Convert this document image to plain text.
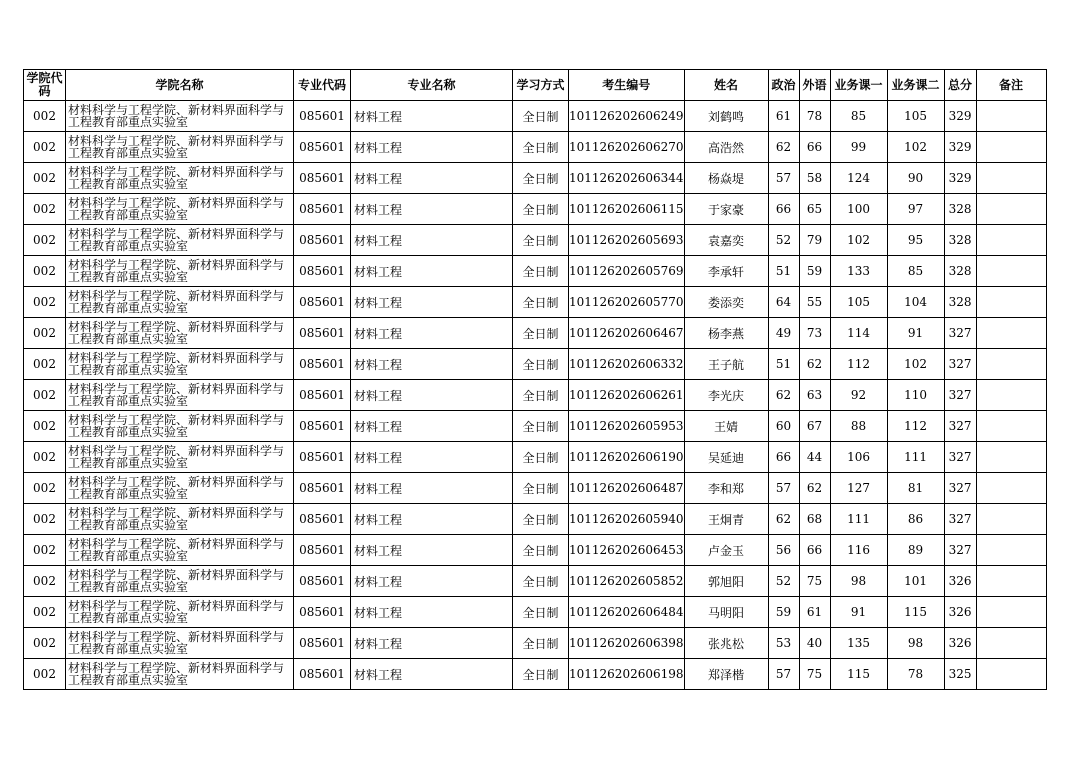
学院代码	学院名称	专业代码	专业名称	学习方式	考生编号	姓名	政治	外语	业务课一	业务课二	总分	备注
002	材料科学与工程学院、新材料界面科学与工程教育部重点实验室	085601	材料工程	全日制	101126202606249	刘鹤鸣	61	78	85	105	329	
002	材料科学与工程学院、新材料界面科学与工程教育部重点实验室	085601	材料工程	全日制	101126202606270	高浩然	62	66	99	102	329	
002	材料科学与工程学院、新材料界面科学与工程教育部重点实验室	085601	材料工程	全日制	101126202606344	杨焱堤	57	58	124	90	329	
002	材料科学与工程学院、新材料界面科学与工程教育部重点实验室	085601	材料工程	全日制	101126202606115	于家豪	66	65	100	97	328	
002	材料科学与工程学院、新材料界面科学与工程教育部重点实验室	085601	材料工程	全日制	101126202605693	袁嘉奕	52	79	102	95	328	
002	材料科学与工程学院、新材料界面科学与工程教育部重点实验室	085601	材料工程	全日制	101126202605769	李承轩	51	59	133	85	328	
002	材料科学与工程学院、新材料界面科学与工程教育部重点实验室	085601	材料工程	全日制	101126202605770	娄添奕	64	55	105	104	328	
002	材料科学与工程学院、新材料界面科学与工程教育部重点实验室	085601	材料工程	全日制	101126202606467	杨李燕	49	73	114	91	327	
002	材料科学与工程学院、新材料界面科学与工程教育部重点实验室	085601	材料工程	全日制	101126202606332	王子航	51	62	112	102	327	
002	材料科学与工程学院、新材料界面科学与工程教育部重点实验室	085601	材料工程	全日制	101126202606261	李光庆	62	63	92	110	327	
002	材料科学与工程学院、新材料界面科学与工程教育部重点实验室	085601	材料工程	全日制	101126202605953	王婧	60	67	88	112	327	
002	材料科学与工程学院、新材料界面科学与工程教育部重点实验室	085601	材料工程	全日制	101126202606190	吴延迪	66	44	106	111	327	
002	材料科学与工程学院、新材料界面科学与工程教育部重点实验室	085601	材料工程	全日制	101126202606487	李和郑	57	62	127	81	327	
002	材料科学与工程学院、新材料界面科学与工程教育部重点实验室	085601	材料工程	全日制	101126202605940	王炯青	62	68	111	86	327	
002	材料科学与工程学院、新材料界面科学与工程教育部重点实验室	085601	材料工程	全日制	101126202606453	卢金玉	56	66	116	89	327	
002	材料科学与工程学院、新材料界面科学与工程教育部重点实验室	085601	材料工程	全日制	101126202605852	郭旭阳	52	75	98	101	326	
002	材料科学与工程学院、新材料界面科学与工程教育部重点实验室	085601	材料工程	全日制	101126202606484	马明阳	59	61	91	115	326	
002	材料科学与工程学院、新材料界面科学与工程教育部重点实验室	085601	材料工程	全日制	101126202606398	张兆松	53	40	135	98	326	
002	材料科学与工程学院、新材料界面科学与工程教育部重点实验室	085601	材料工程	全日制	101126202606198	郑泽楷	57	75	115	78	325	
